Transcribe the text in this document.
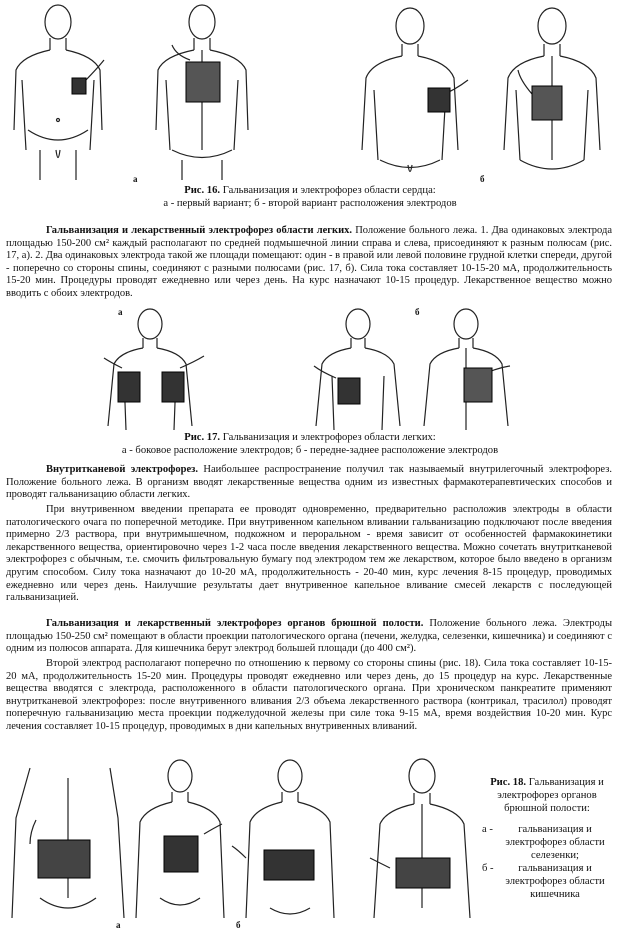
а	б
Рис. 16. Гальванизация и электрофорез области сердца:
а - первый вариант; б - второй вариант расположения электродов
Гальванизация и лекарственный электрофорез области легких. Положение больного лежа. 1. Два одинаковых электрода площадью 150-200 см² каждый располагают по средней подмышечной линии справа и слева, присоединяют к разным полюсам (рис. 17, а). 2. Два одинаковых электрода такой же площади помещают: один - в правой или левой половине грудной клетки спереди, другой - поперечно со стороны спины, соединяют с разными полюсами (рис. 17, б). Сила тока составляет 10-15-20 мА, продолжительность 15-20 мин. Процедуры проводят ежедневно или через день. На курс назначают 10-15 процедур. Лекарственное вещество можно вводить с обоих электродов.
а	б
Рис. 17. Гальванизация и электрофорез области легких:
а - боковое расположение электродов; б - передне-заднее расположение электродов
Внутритканевой электрофорез. Наибольшее распространение получил так называемый внутрилегочный электрофорез. Положение больного лежа. В организм вводят лекарственные вещества одним из известных фармакотерапевтических способов и проводят гальванизацию области легких.
При внутривенном введении препарата ее проводят одновременно, предварительно расположив электроды в области патологического очага по поперечной методике. При внутривенном капельном вливании гальванизацию подключают после введения примерно 2/3 раствора, при внутримышечном, подкожном и пероральном - время зависит от особенностей фармакокинетики лекарственного вещества, ориентировочно через 1-2 часа после введения лекарственного вещества. Можно сочетать внутритканевой электрофорез с обычным, т.е. смочить фильтровальную бумагу под электродом тем же лекарством, которое было введено в организм другим способом. Силу тока назначают до 10-20 мА, продолжительность - 20-40 мин, курс лечения 8-15 процедур, проводимых ежедневно или через день. Наилучшие результаты дает внутривенное капельное вливание смесей лекарств с последующей гальванизацией.
Гальванизация и лекарственный электрофорез органов брюшной полости. Положение больного лежа. Электроды площадью 150-250 см² помещают в области проекции патологического органа (печени, желудка, селезенки, кишечника) и соединяют с одним из полюсов аппарата. Для кишечника берут электрод большей площади (до 400 см²).
Второй электрод располагают поперечно по отношению к первому со стороны спины (рис. 18). Сила тока составляет 10-15-20 мА, продолжительность 15-20 мин. Процедуры проводят ежедневно или через день, до 15 процедур на курс. Лекарственные вещества вводятся с электрода, расположенного в области патологического органа. При хроническом панкреатите применяют внутритканевой электрофорез: после внутривенного вливания 2/3 объема лекарственного раствора (контрикал, трасилол) проводят поперечную гальванизацию места проекции поджелудочной железы при силе тока 9-15 мА, время воздействия 10-20 мин. Курс лечения составляет 10-15 процедур, проводимых в дни капельных внутривенных вливаний.
а	б
Рис. 18. Гальванизация и электрофорез органов брюшной полости:
а -	гальванизация и электрофорез области селезенки;
б -	гальванизация и электрофорез области кишечника
